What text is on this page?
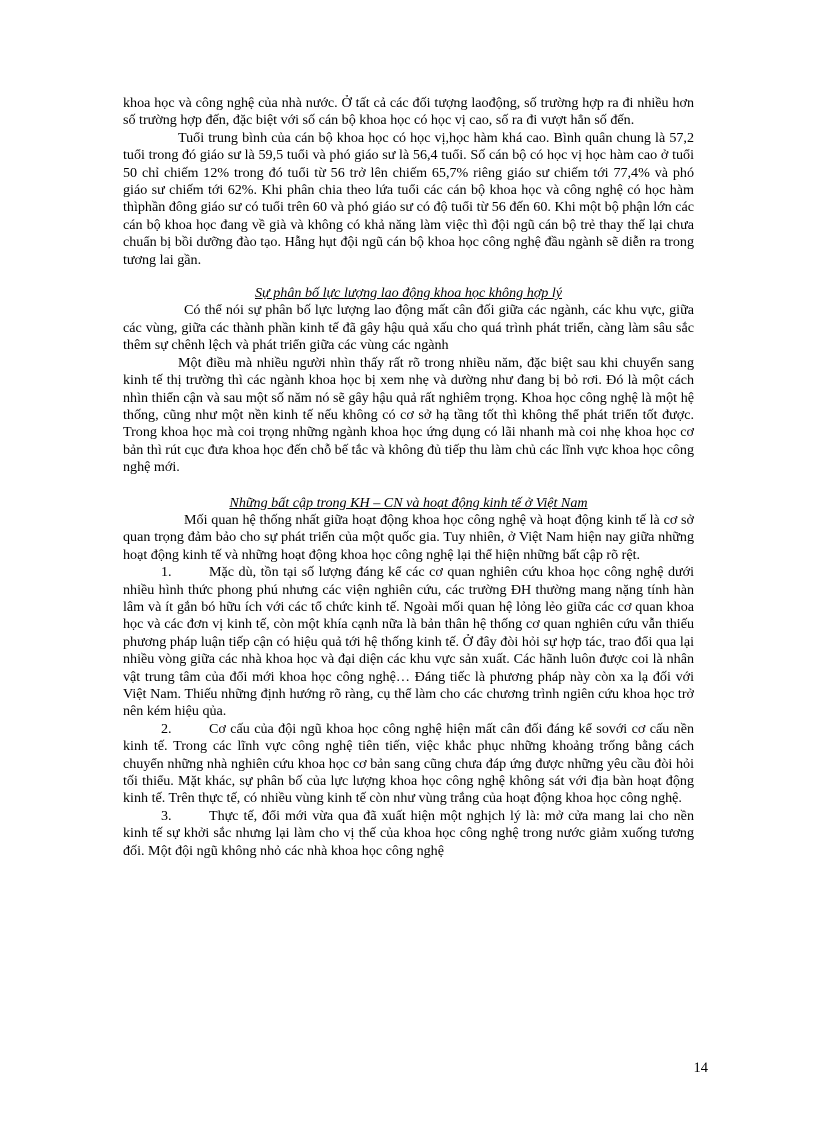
khoa học và công nghệ của nhà nước. Ở tất cả các đối tượng laođộng, số trường hợp ra đi nhiều hơn số trường hợp đến, đặc biệt với số cán bộ khoa học có học vị cao, số ra đi vượt hẳn số đến.

Tuổi trung bình của cán bộ khoa học có học vị,học hàm khá cao. Bình quân chung là 57,2 tuổi trong đó giáo sư là 59,5 tuổi và phó giáo sư là 56,4 tuổi. Số cán bộ có học vị học hàm cao ở tuổi 50 chỉ chiếm 12% trong đó tuổi từ 56 trở lên chiếm 65,7% riêng giáo sư chiếm tới 77,4% và phó giáo sư chiếm tới 62%. Khi phân chia theo lứa tuổi các cán bộ khoa học và công nghệ có học hàm thìphần đông giáo sư có tuổi trên 60 và phó giáo sư có độ tuổi từ 56 đến 60. Khi một bộ phận lớn các cán bộ khoa học đang về già và không có khả năng làm việc thì đội ngũ cán bộ trẻ thay thế lại chưa chuẩn bị bồi dưỡng đào tạo. Hẫng hụt đội ngũ cán bộ khoa học công nghệ đầu ngành sẽ diễn ra trong tương lai gần.

Sự phân bố lực lượng lao động khoa học không hợp lý

Có thể nói sự phân bố lực lượng lao động mất cân đối giữa các ngành, các khu vực, giữa các vùng, giữa các thành phần kinh tế đã gây hậu quả xấu cho quá trình phát triển, càng làm sâu sắc thêm sự chênh lệch và phát triển giữa các vùng các ngành

Một điều mà nhiều người nhìn thấy rất rõ trong nhiều năm, đặc biệt sau khi chuyển sang kinh tế thị trường thì các ngành khoa học bị xem nhẹ và dường như đang bị bỏ rơi. Đó là một cách nhìn thiển cận và sau một số năm nó sẽ gây hậu quả rất nghiêm trọng. Khoa học công nghệ là một hệ thống, cũng như một nền kinh tế nếu không có cơ sở hạ tầng tốt thì không thể phát triển tốt được. Trong khoa học mà coi trọng những ngành khoa học ứng dụng có lãi nhanh mà coi nhẹ khoa học cơ bản thì rút cục đưa khoa học đến chỗ bế tắc và không đủ tiếp thu làm chủ các lĩnh vực khoa học công nghệ mới.

Những bất cập trong KH – CN và hoạt động kinh tế ở Việt Nam

Mối quan hệ thống nhất giữa hoạt động khoa học công nghệ và hoạt động kinh tế là cơ sở quan trọng đảm bảo cho sự phát triển của một quốc gia. Tuy nhiên, ở Việt Nam hiện nay giữa những hoạt động kinh tế và những hoạt động khoa học công nghệ lại thể hiện những bất cập rõ rệt.

1.	Mặc dù, tồn tại số lượng đáng kể các cơ quan nghiên cứu khoa học công nghệ dưới nhiều hình thức phong phú nhưng các viện nghiên cứu, các trường ĐH thường mang nặng tính hàn lâm và ít gắn bó hữu ích với các tổ chức kinh tế. Ngoài mối quan hệ lỏng lẻo giữa các cơ quan khoa học và các đơn vị kinh tế, còn một khía cạnh nữa là bản thân hệ thống cơ quan nghiên cứu vẫn thiếu phương pháp luận tiếp cận có hiệu quả tới hệ thống kinh tế. Ở đây đòi hỏi sự hợp tác, trao đổi qua lại nhiều vòng giữa các nhà khoa học và đại diện các khu vực sản xuất. Các hãnh luôn được coi là nhân vật trung tâm của đổi mới khoa học công nghệ… Đáng tiếc là phương pháp này còn xa lạ đối với Việt Nam. Thiếu những định hướng rõ ràng, cụ thể làm cho các chương trình ngiên cứu khoa học trở nên kém hiệu qủa.

2.	Cơ cấu của đội ngũ khoa học công nghệ hiện mất cân đối đáng kể sovới cơ cấu nền kinh tế. Trong các lĩnh vực công nghệ tiên tiến, việc khắc phục những khoảng trống bằng cách chuyển những nhà nghiên cứu khoa học cơ bản sang cũng chưa đáp ứng được những yêu cầu đòi hỏi tối thiểu. Mặt khác, sự phân bố của lực lượng khoa học công nghệ không sát với địa bàn hoạt động kinh tế. Trên thực tế, có nhiều vùng kinh tế còn như vùng trắng của hoạt động khoa học công nghệ.

3.	Thực tế, đổi mới vừa qua đã xuất hiện một nghịch lý là: mở cửa mang lai cho nền kinh tế sự khởi sắc nhưng lại làm cho vị thế của khoa học công nghệ trong nước giảm xuống tương đối. Một đội ngũ không nhỏ các nhà khoa học công nghệ

14
